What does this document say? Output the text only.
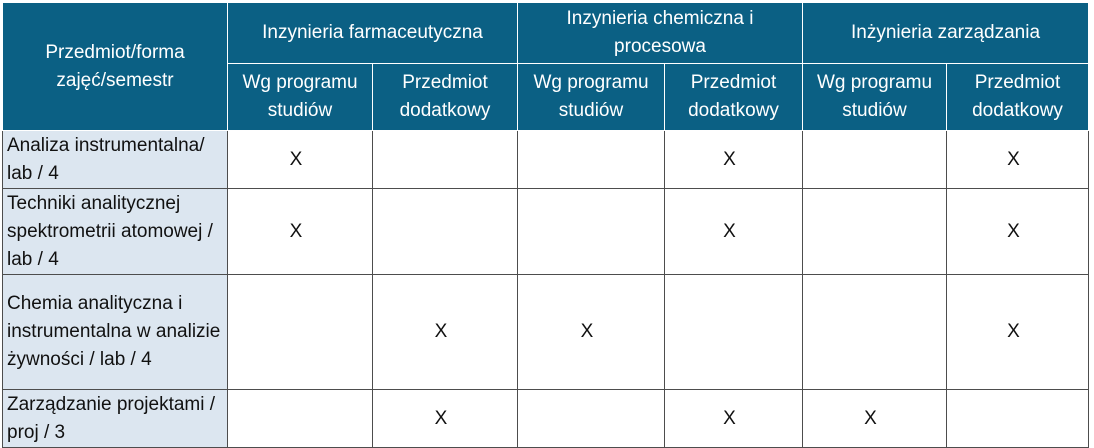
Przedmiot/forma zajęć/semestr	Inzynieria farmaceutyczna		Inzynieria chemiczna i procesowa		Inżynieria zarządzania	
	Wg programu studiów	Przedmiot dodatkowy	Wg programu studiów	Przedmiot dodatkowy	Wg programu studiów	Przedmiot dodatkowy
Analiza instrumentalna/ lab / 4	X			X		X
Techniki analitycznej spektrometrii atomowej / lab / 4	X			X		X
Chemia analityczna i instrumentalna w analizie żywności / lab / 4		X	X			X
Zarządzanie projektami / proj / 3		X		X	X	
